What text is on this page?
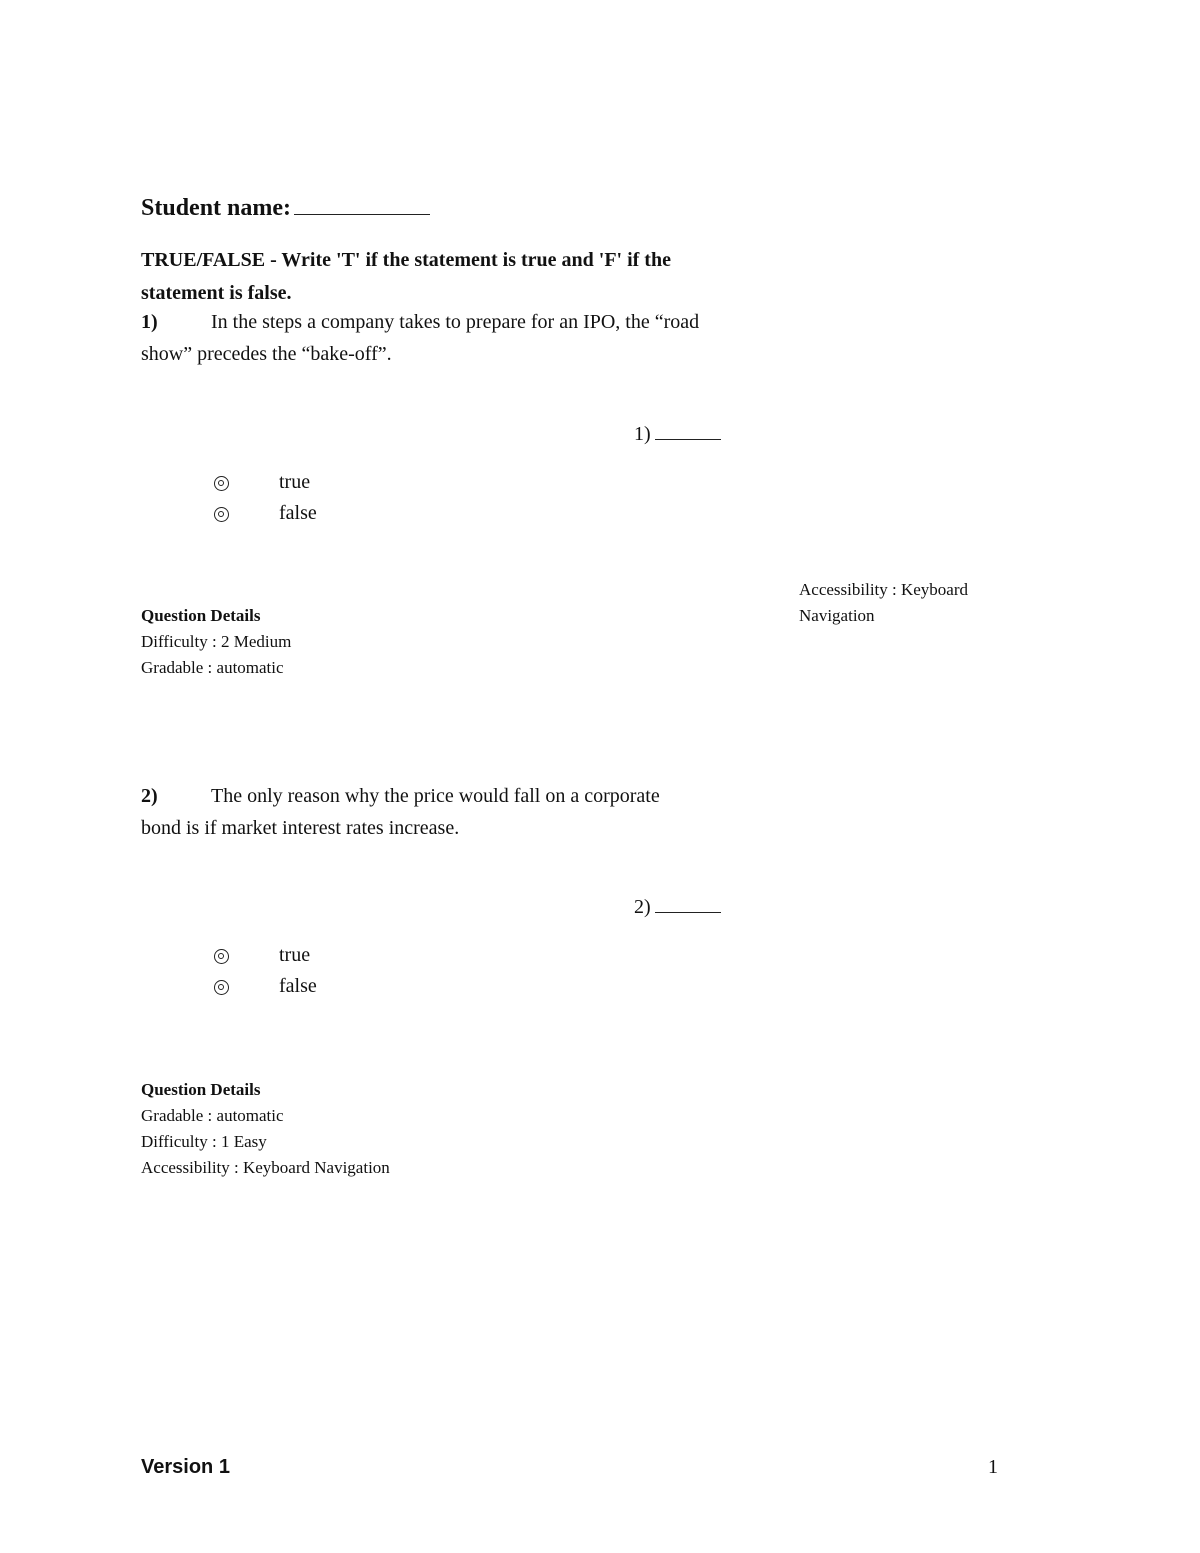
Student name:
TRUE/FALSE - Write 'T' if the statement is true and 'F' if the statement is false.
1)	In the steps a company takes to prepare for an IPO, the “road show” precedes the “bake-off”.
1)
true
false
Accessibility : Keyboard Navigation
Question Details
Difficulty : 2 Medium
Gradable : automatic
2)	The only reason why the price would fall on a corporate bond is if market interest rates increase.
2)
true
false
Question Details
Gradable : automatic
Difficulty : 1 Easy
Accessibility : Keyboard Navigation
Version 1	1
